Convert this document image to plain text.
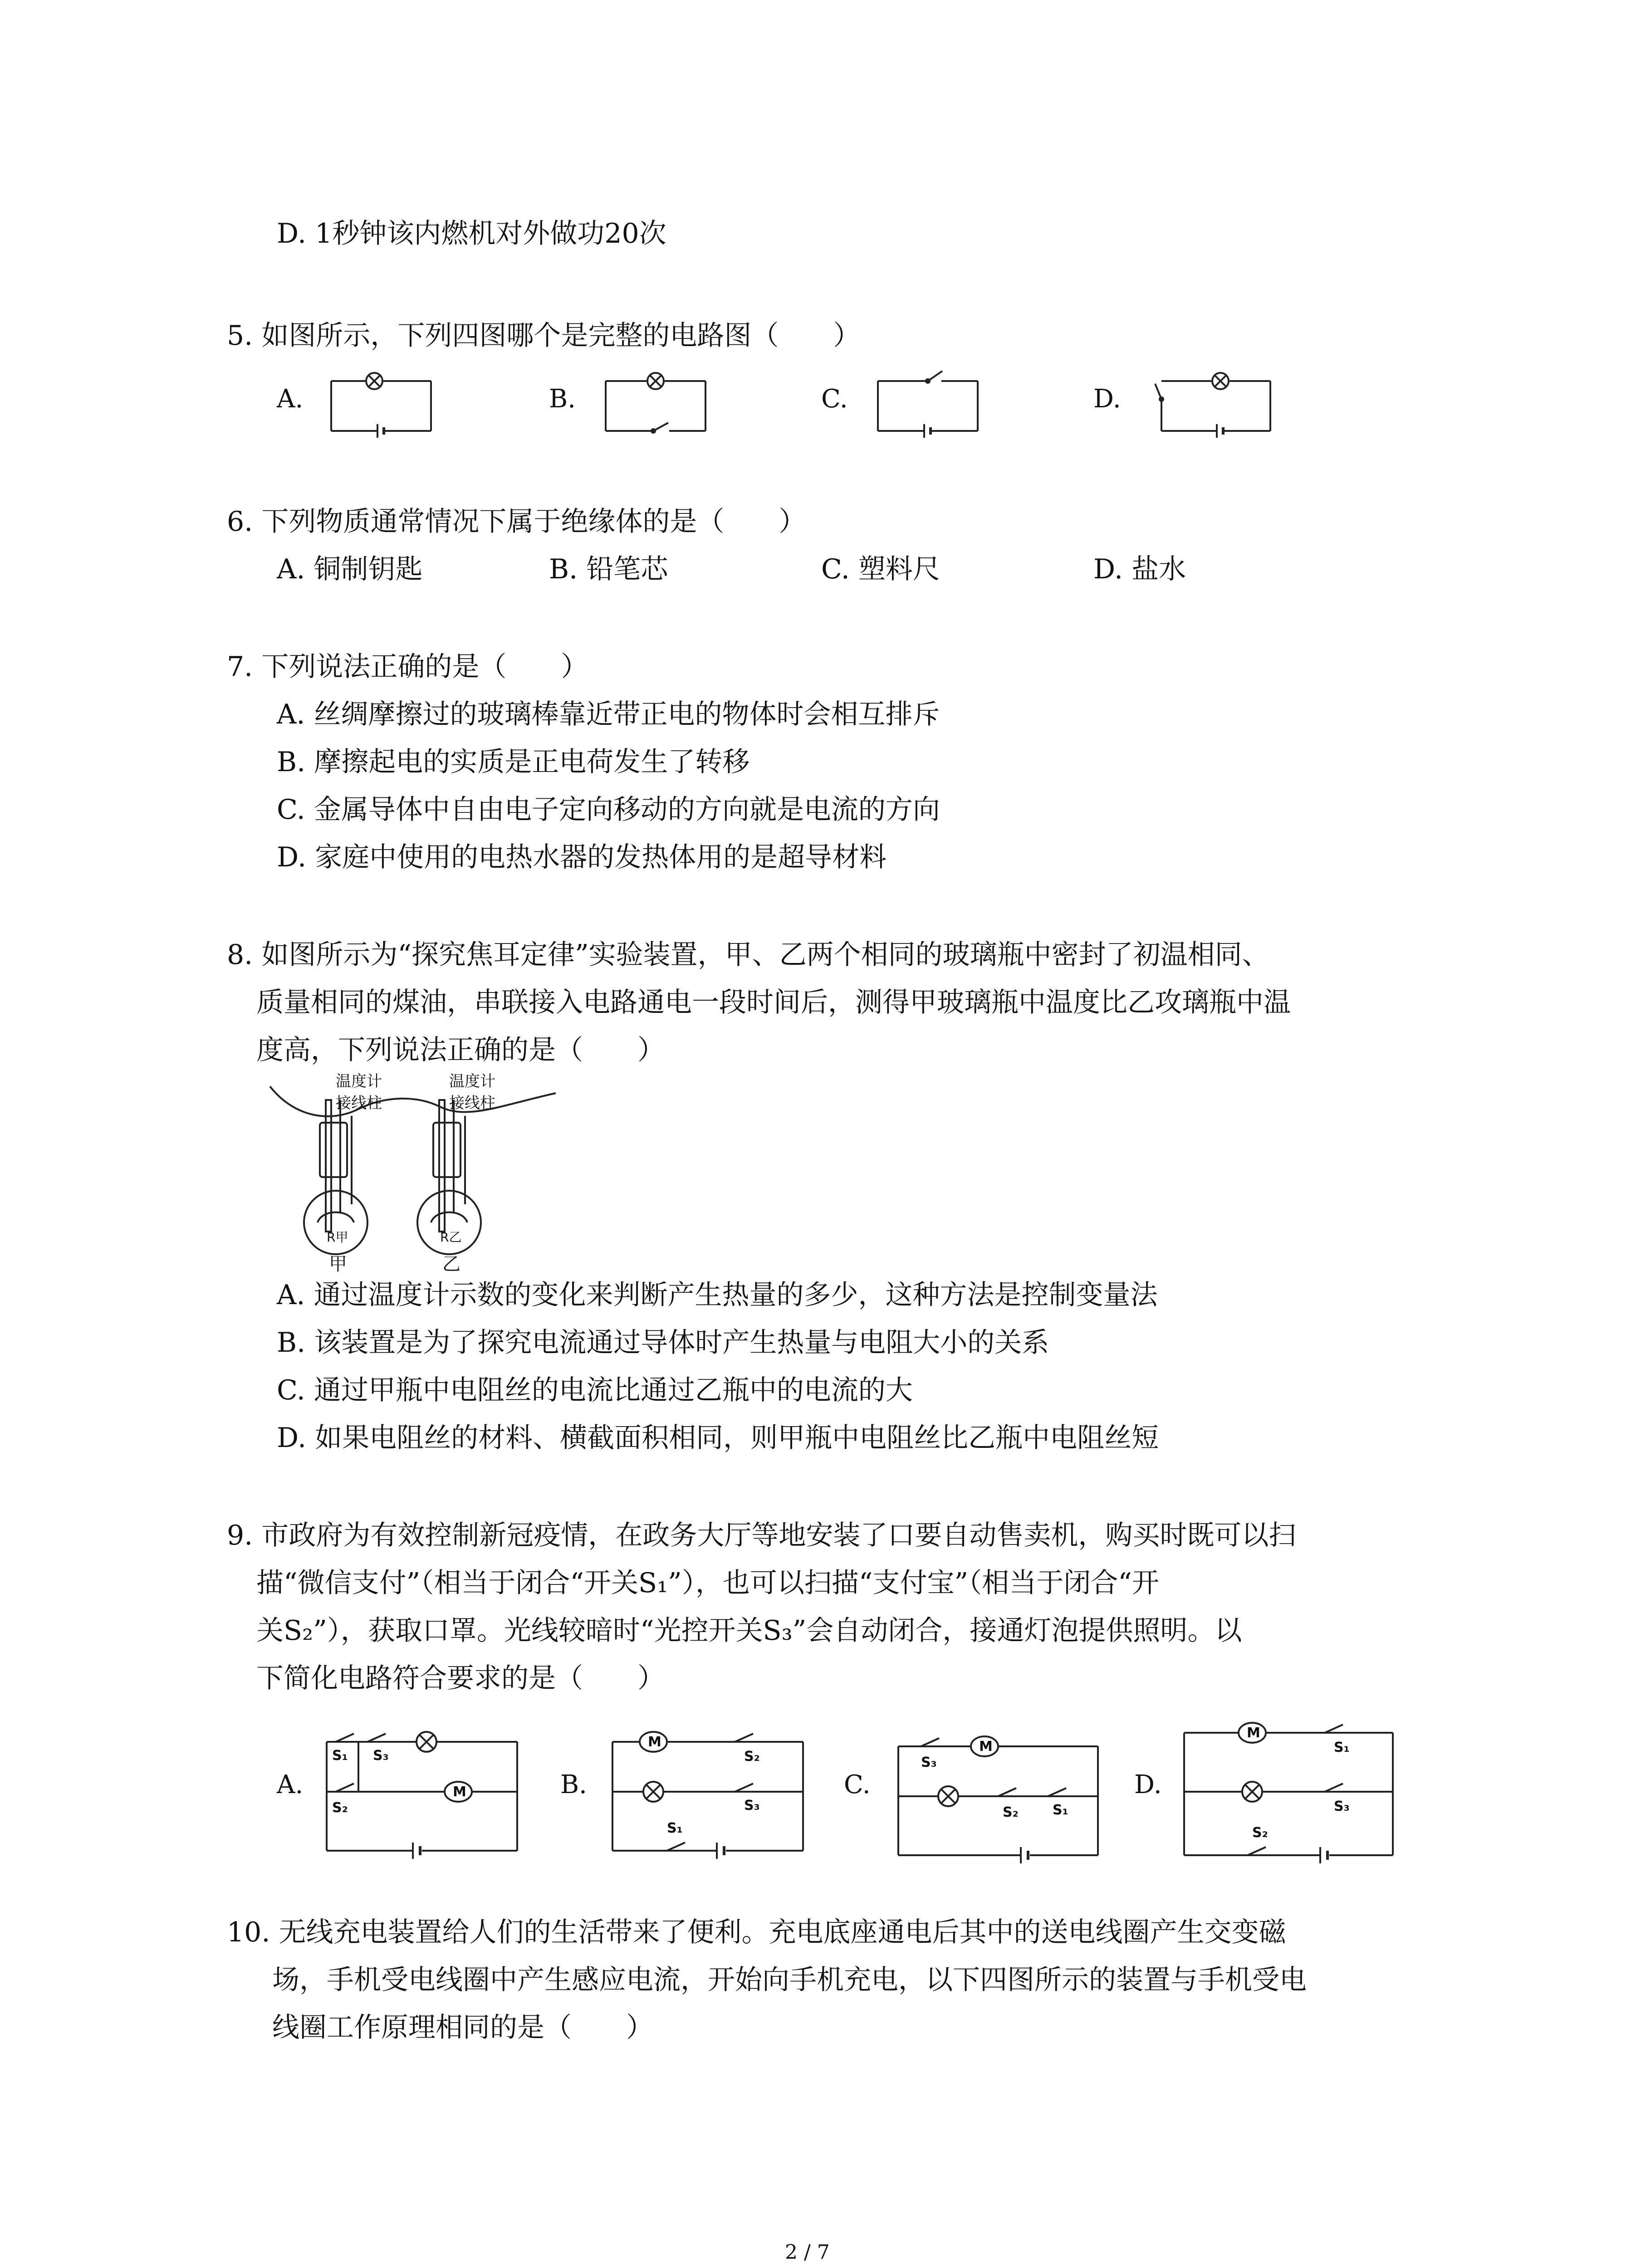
D. 1秒钟该内燃机对外做功20次
5. 如图所示，下列四图哪个是完整的电路图（　　）
A.	B.	C.	D.
6. 下列物质通常情况下属于绝缘体的是（　　）
A. 铜制钥匙	B. 铅笔芯	C. 塑料尺	D. 盐水
7. 下列说法正确的是（　　）
A. 丝绸摩擦过的玻璃棒靠近带正电的物体时会相互排斥
B. 摩擦起电的实质是正电荷发生了转移
C. 金属导体中自由电子定向移动的方向就是电流的方向
D. 家庭中使用的电热水器的发热体用的是超导材料
8. 如图所示为“探究焦耳定律”实验装置，甲、乙两个相同的玻璃瓶中密封了初温相同、
质量相同的煤油，串联接入电路通电一段时间后，测得甲玻璃瓶中温度比乙攻璃瓶中温
度高，下列说法正确的是（　　）
温度计
接线柱
温度计
接线柱
R甲	R乙
甲	乙
A. 通过温度计示数的变化来判断产生热量的多少，这种方法是控制变量法
B. 该装置是为了探究电流通过导体时产生热量与电阻大小的关系
C. 通过甲瓶中电阻丝的电流比通过乙瓶中的电流的大
D. 如果电阻丝的材料、横截面积相同，则甲瓶中电阻丝比乙瓶中电阻丝短
9. 市政府为有效控制新冠疫情，在政务大厅等地安装了口要自动售卖机，购买时既可以扫
描“微信支付”（相当于闭合“开关S₁”），也可以扫描“支付宝”（相当于闭合“开
关S₂”），获取口罩。光线较暗时“光控开关S₃”会自动闭合，接通灯泡提供照明。以
下简化电路符合要求的是（　　）
A.	B.	C.	D.
S₁ S₃
S₂
M
M
S₂
S₃
S₁
S₃
M
S₂	S₁
M
S₁
S₃
S₂
10. 无线充电装置给人们的生活带来了便利。充电底座通电后其中的送电线圈产生交变磁
场，手机受电线圈中产生感应电流，开始向手机充电，以下四图所示的装置与手机受电
线圈工作原理相同的是（　　）
2 / 7
